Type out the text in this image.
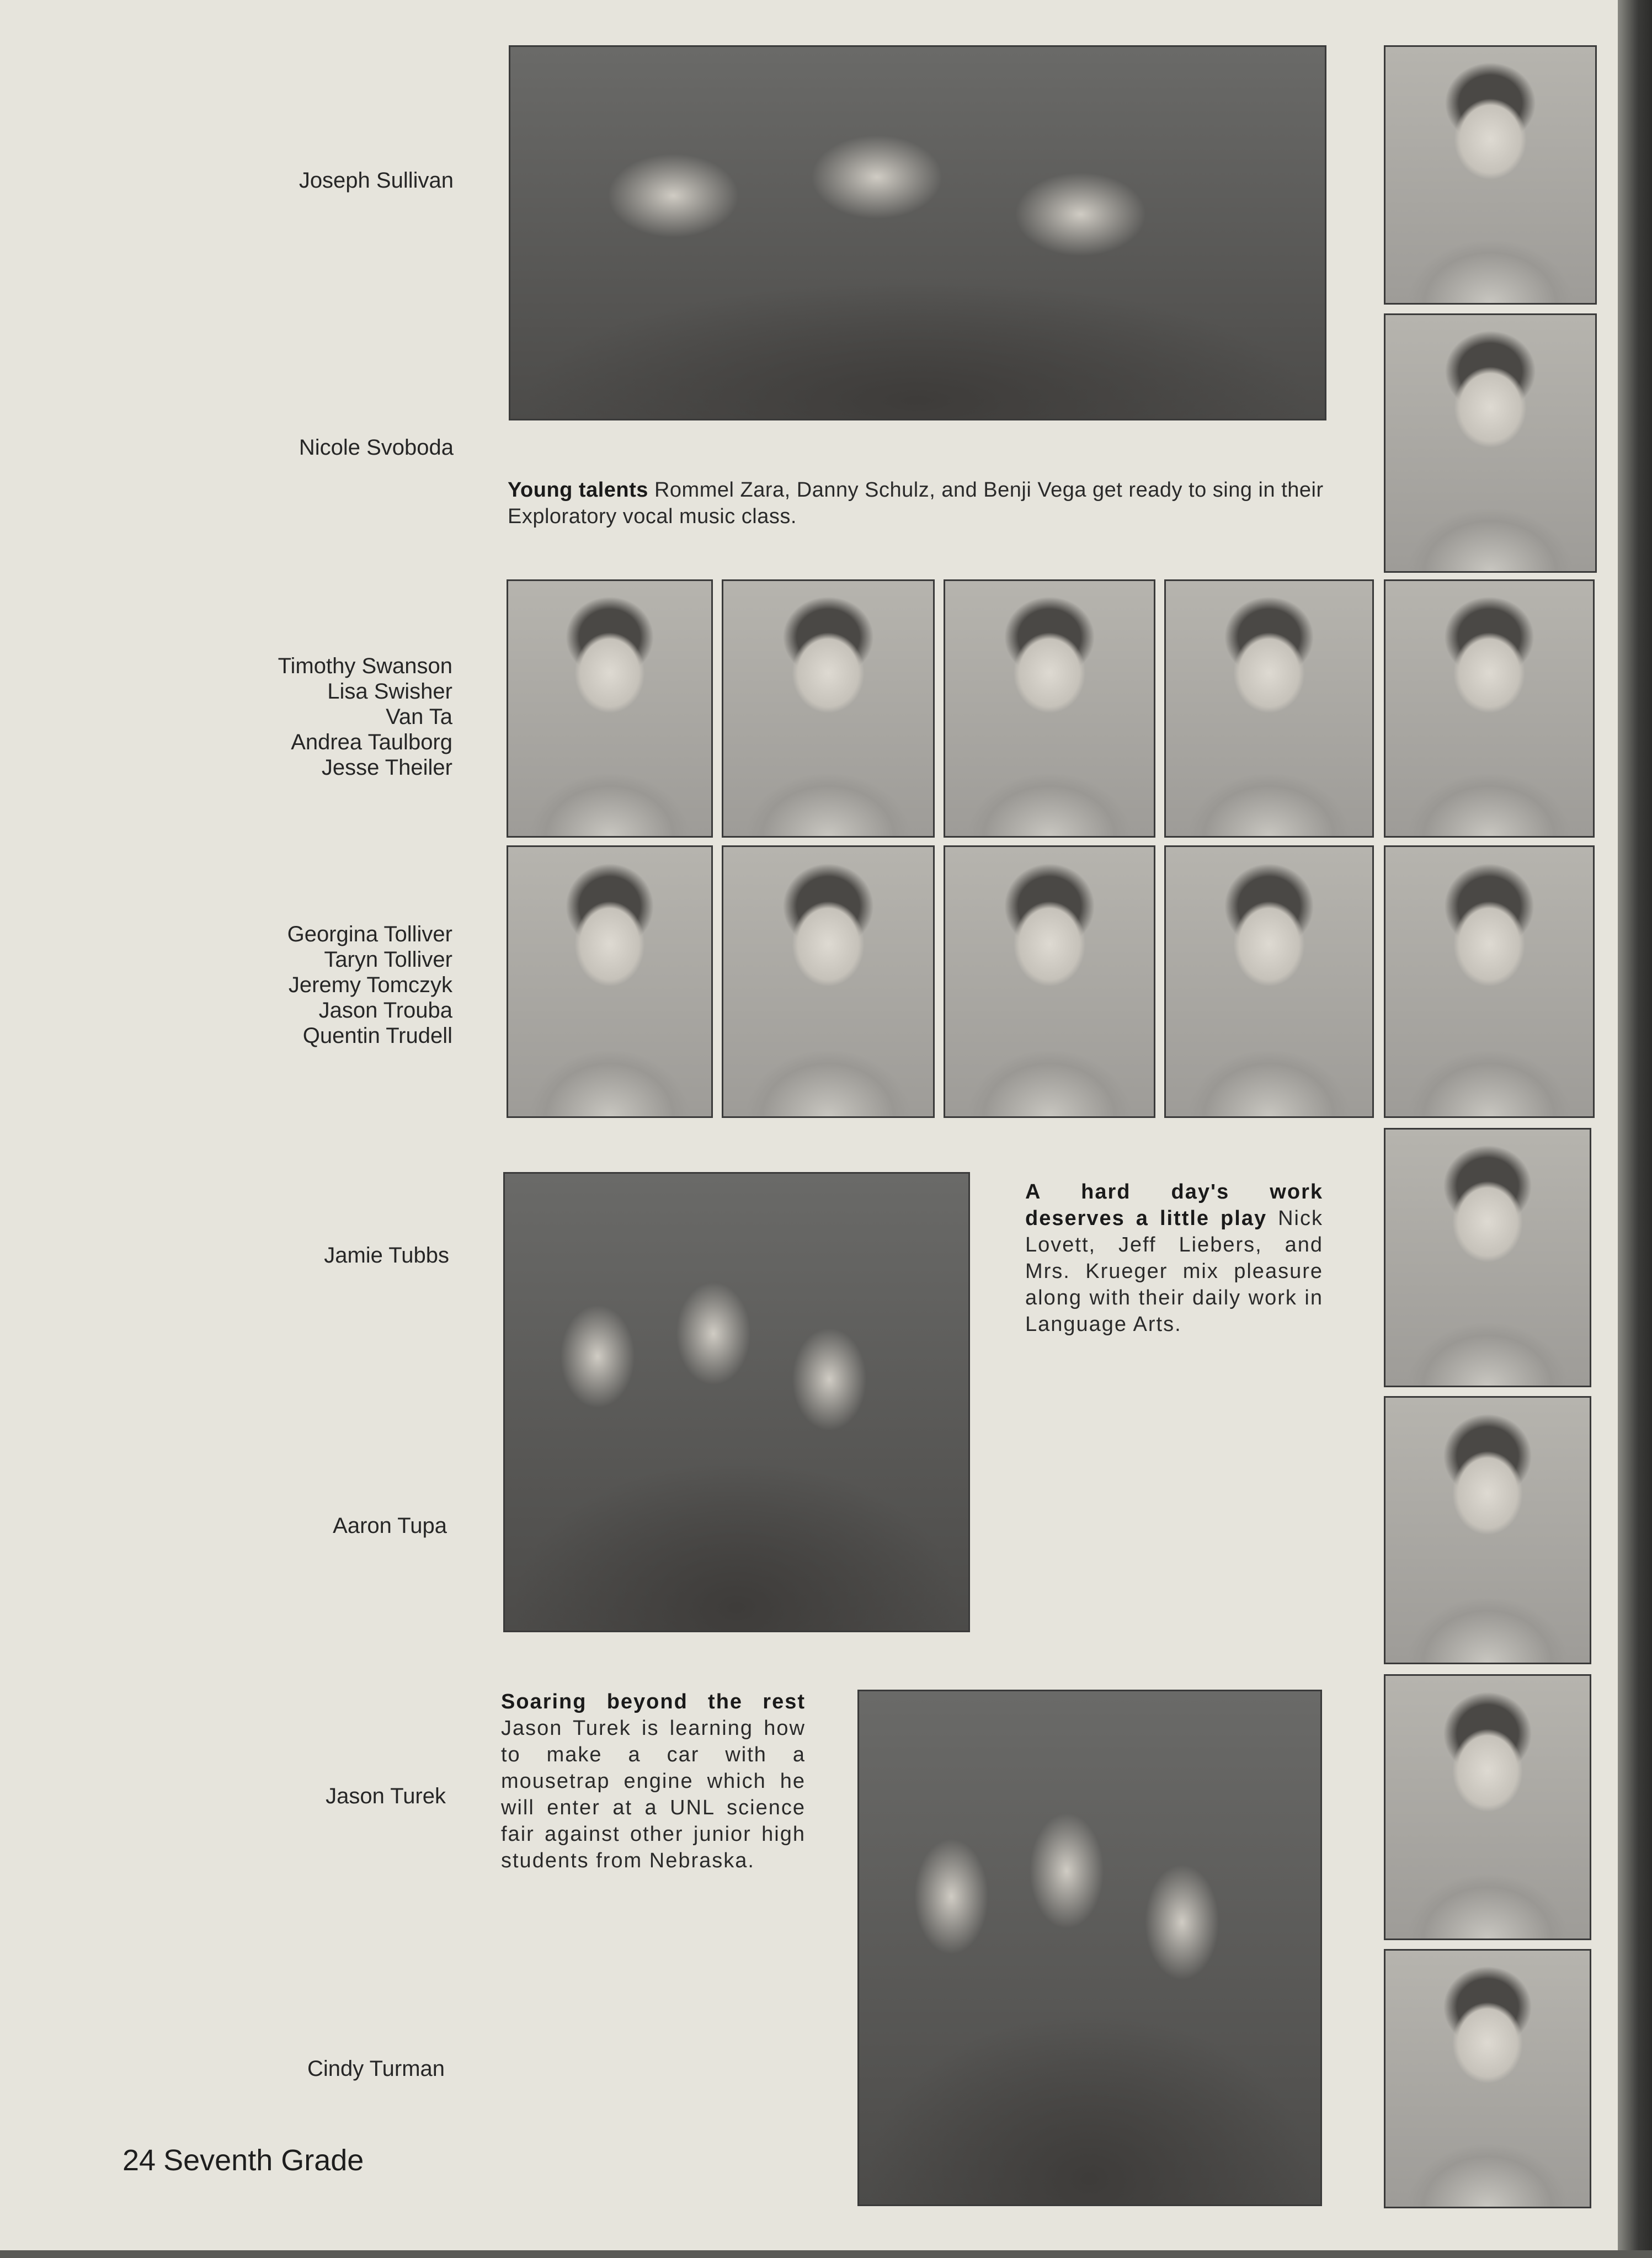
Joseph Sullivan
Nicole Svoboda
Timothy Swanson
Lisa Swisher
Van Ta
Andrea Taulborg
Jesse Theiler
Georgina Tolliver
Taryn Tolliver
Jeremy Tomczyk
Jason Trouba
Quentin Trudell
Jamie Tubbs
Aaron Tupa
Jason Turek
Cindy Turman
Young talents Rommel Zara, Danny Schulz, and Benji Vega get ready to sing in their Exploratory vocal music class.
A hard day's work deserves a little play Nick Lovett, Jeff Liebers, and Mrs. Krueger mix pleasure along with their daily work in Language Arts.
Soaring beyond the rest Jason Turek is learning how to make a car with a mousetrap engine which he will enter at a UNL science fair against other junior high students from Nebraska.
24 Seventh Grade
